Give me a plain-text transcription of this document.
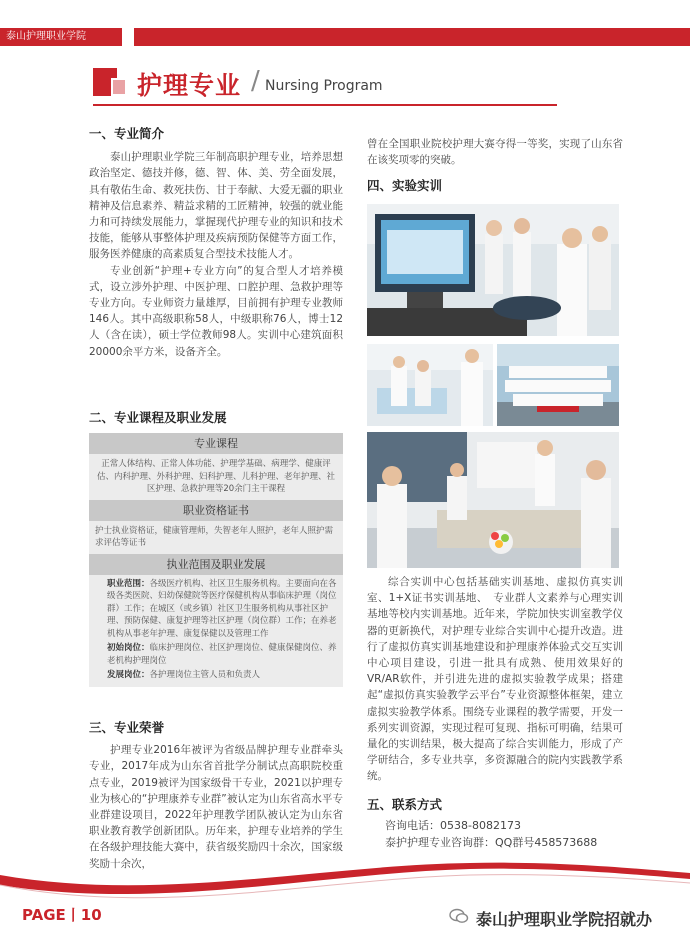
泰山护理职业学院
护理专业 / Nursing Program

一、专业简介

泰山护理职业学院三年制高职护理专业，培养思想政治坚定、德技并修，德、智、体、美、劳全面发展，具有敬佑生命、救死扶伤、甘于奉献、大爱无疆的职业精神及信息素养、精益求精的工匠精神，较强的就业能力和可持续发展能力，掌握现代护理专业的知识和技术技能，能够从事整体护理及疾病预防保健等方面工作，服务医养健康的高素质复合型技术技能人才。

专业创新“护理+专业方向”的复合型人才培养模式，设立涉外护理、中医护理、口腔护理、急救护理等专业方向。专业师资力量雄厚，目前拥有护理专业教师146人。其中高级职称58人，中级职称76人，博士12人（含在读），硕士学位教师98人。实训中心建筑面积20000余平方米，设备齐全。

二、专业课程及职业发展

专业课程
正常人体结构、正常人体功能、护理学基础、病理学、健康评估、内科护理、外科护理、妇科护理、儿科护理、老年护理、社区护理、急救护理等20余门主干课程
职业资格证书
护士执业资格证，健康管理师，失智老年人照护，老年人照护需求评估等证书
执业范围及职业发展
职业范围：各级医疗机构、社区卫生服务机构。主要面向在各级各类医院、妇幼保健院等医疗保健机构从事临床护理（岗位群）工作；在城区（或乡镇）社区卫生服务机构从事社区护理、预防保健、康复护理等社区护理（岗位群）工作；在养老机构从事老年护理、康复保健以及管理工作
初始岗位：临床护理岗位、社区护理岗位、健康保健岗位、养老机构护理岗位
发展岗位：各护理岗位主管人员和负责人

三、专业荣誉

护理专业2016年被评为省级品牌护理专业群牵头专业，2017年成为山东省首批学分制试点高职院校重点专业，2019被评为国家级骨干专业，2021以护理专业为核心的“护理康养专业群”被认定为山东省高水平专业群建设项目，2022年护理教学团队被认定为山东省职业教育教学创新团队。历年来，护理专业培养的学生在各级护理技能大赛中，获省级奖励四十余次，国家级奖励十余次，

曾在全国职业院校护理大赛夺得一等奖，实现了山东省在该奖项零的突破。

四、实验实训

综合实训中心包括基础实训基地、虚拟仿真实训室、1+X证书实训基地、　专业群人文素养与心理实训基地等校内实训基地。近年来，学院加快实训室教学仪器的更新换代，对护理专业综合实训中心提升改造。进行了虚拟仿真实训基地建设和护理康养体验式交互实训中心项目建设，引进一批具有成熟、使用效果好的VR/AR软件，并引进先进的虚拟实验教学成果；搭建起“虚拟仿真实验教学云平台”专业资源整体框架，建立虚拟实验教学体系。围绕专业课程的教学需要，开发一系列实训资源，实现过程可复现、指标可明确，结果可量化的实训结果，极大提高了综合实训能力，形成了产学研结合，多专业共享，多资源融合的院内实践教学系统。

五、联系方式

咨询电话：0538-8082173
泰护护理专业咨询群：QQ群号458573688
PAGE丨10	泰山护理职业学院招就办
